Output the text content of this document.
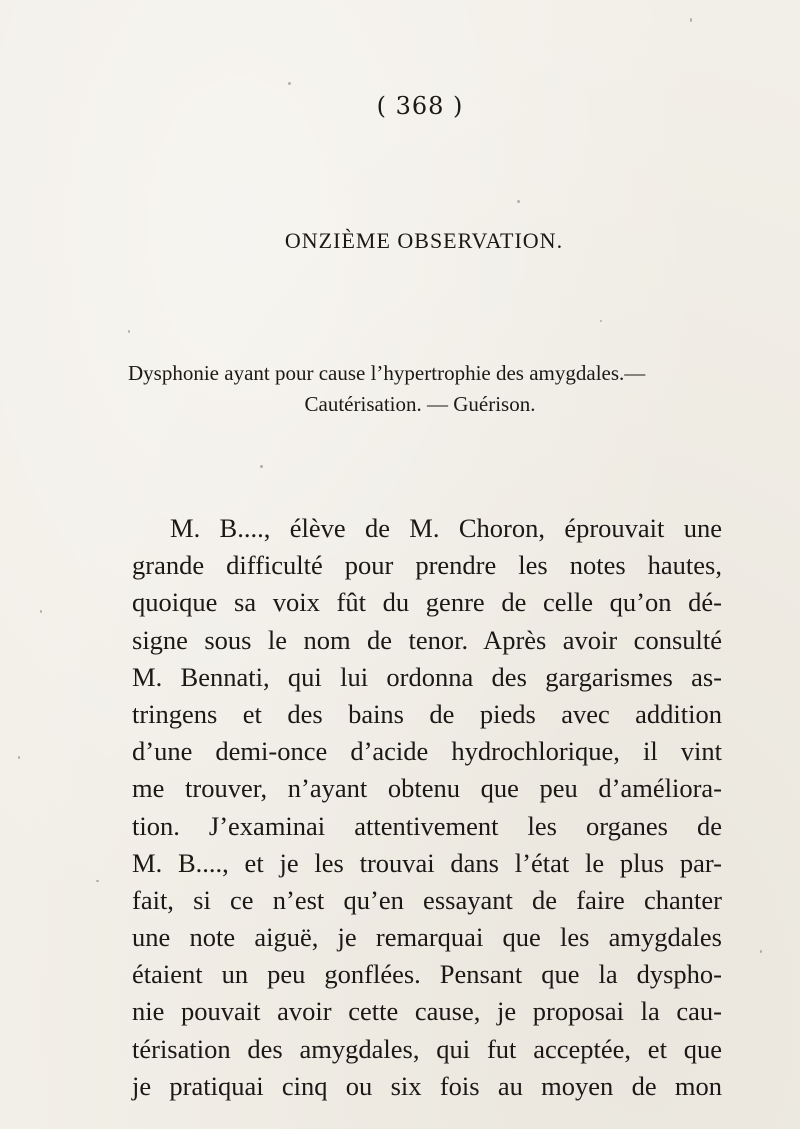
( 368 )
ONZIÈME OBSERVATION.
Dysphonie ayant pour cause l’hypertrophie des amygdales.—
Cautérisation. — Guérison.
M. B...., élève de M. Choron, éprouvait une
grande difficulté pour prendre les notes hautes,
quoique sa voix fût du genre de celle qu’on dé-
signe sous le nom de tenor. Après avoir consulté
M. Bennati, qui lui ordonna des gargarismes as-
tringens et des bains de pieds avec addition
d’une demi-once d’acide hydrochlorique, il vint
me trouver, n’ayant obtenu que peu d’améliora-
tion. J’examinai attentivement les organes de
M. B...., et je les trouvai dans l’état le plus par-
fait, si ce n’est qu’en essayant de faire chanter
une note aiguë, je remarquai que les amygdales
étaient un peu gonflées. Pensant que la dyspho-
nie pouvait avoir cette cause, je proposai la cau-
térisation des amygdales, qui fut acceptée, et que
je pratiquai cinq ou six fois au moyen de mon
